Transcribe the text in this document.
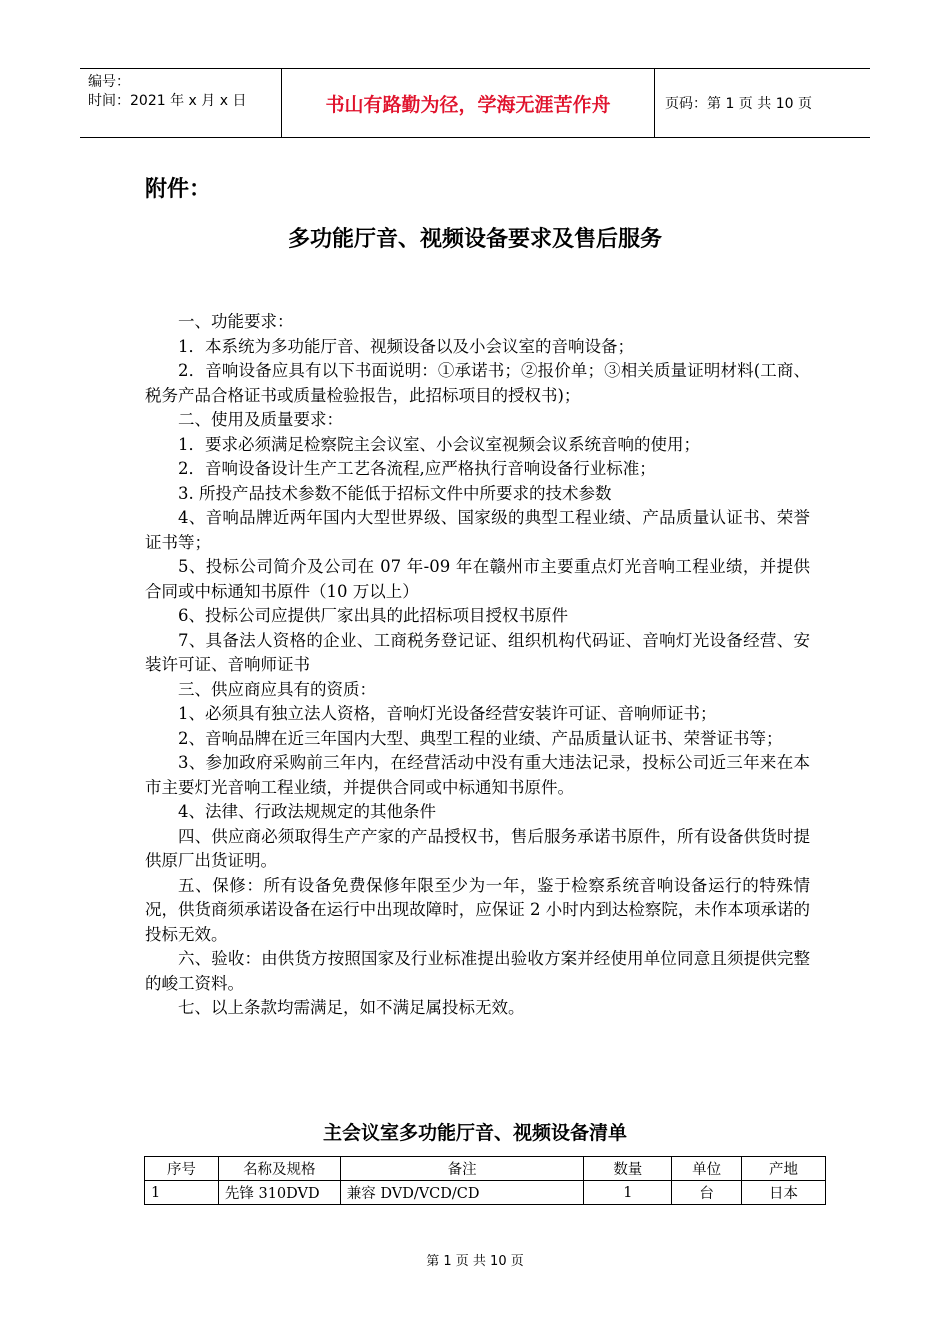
编号：
时间：2021 年 x 月 x 日	书山有路勤为径，学海无涯苦作舟	页码：第 1 页 共 10 页
附件：
多功能厅音、视频设备要求及售后服务

一、功能要求：

1．本系统为多功能厅音、视频设备以及小会议室的音响设备；

2．音响设备应具有以下书面说明：①承诺书；②报价单；③相关质量证明材料(工商、税务产品合格证书或质量检验报告，此招标项目的授权书)；

二、使用及质量要求：

1．要求必须满足检察院主会议室、小会议室视频会议系统音响的使用；

2．音响设备设计生产工艺各流程,应严格执行音响设备行业标准；

3. 所投产品技术参数不能低于招标文件中所要求的技术参数

4、音响品牌近两年国内大型世界级、国家级的典型工程业绩、产品质量认证书、荣誉证书等；

5、投标公司简介及公司在 07 年-09 年在赣州市主要重点灯光音响工程业绩，并提供合同或中标通知书原件（10 万以上）

6、投标公司应提供厂家出具的此招标项目授权书原件

7、具备法人资格的企业、工商税务登记证、组织机构代码证、音响灯光设备经营、安装许可证、音响师证书

三、供应商应具有的资质：

1、必须具有独立法人资格，音响灯光设备经营安装许可证、音响师证书；

2、音响品牌在近三年国内大型、典型工程的业绩、产品质量认证书、荣誉证书等；

3、参加政府采购前三年内，在经营活动中没有重大违法记录，投标公司近三年来在本市主要灯光音响工程业绩，并提供合同或中标通知书原件。

4、法律、行政法规规定的其他条件

四、供应商必须取得生产产家的产品授权书，售后服务承诺书原件，所有设备供货时提供原厂出货证明。

五、保修：所有设备免费保修年限至少为一年，鉴于检察系统音响设备运行的特殊情况，供货商须承诺设备在运行中出现故障时，应保证 2 小时内到达检察院，未作本项承诺的投标无效。

六、验收：由供货方按照国家及行业标准提出验收方案并经使用单位同意且须提供完整的峻工资料。

七、以上条款均需满足，如不满足属投标无效。

主会议室多功能厅音、视频设备清单
序号	名称及规格	备注	数量	单位	产地
1	先锋 310DVD	兼容 DVD/VCD/CD	1	台	日本
第 1 页 共 10 页
